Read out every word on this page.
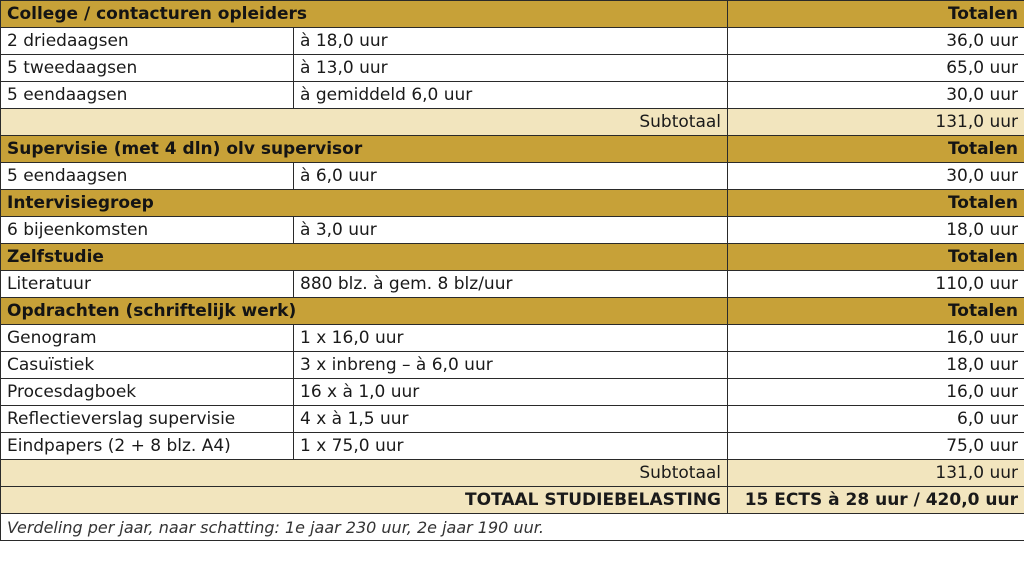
College / contacturen opleiders		Totalen
2 driedaagsen	à 18,0 uur	36,0 uur
5 tweedaagsen	à 13,0 uur	65,0 uur
5 eendaagsen	à gemiddeld 6,0 uur	30,0 uur
Subtotaal		131,0 uur
Supervisie (met 4 dln) olv supervisor		Totalen
5 eendaagsen	à 6,0 uur	30,0 uur
Intervisiegroep		Totalen
6 bijeenkomsten	à 3,0 uur	18,0 uur
Zelfstudie		Totalen
Literatuur	880 blz. à gem. 8 blz/uur	110,0 uur
Opdrachten (schriftelijk werk)		Totalen
Genogram	1 x 16,0 uur	16,0 uur
Casuïstiek	3 x inbreng – à 6,0 uur	18,0 uur
Procesdagboek	16 x à 1,0 uur	16,0 uur
Reflectieverslag supervisie	4 x à 1,5 uur	6,0 uur
Eindpapers (2 + 8 blz. A4)	1 x 75,0 uur	75,0 uur
Subtotaal		131,0 uur
TOTAAL STUDIEBELASTING		15 ECTS à 28 uur / 420,0 uur
Verdeling per jaar, naar schatting: 1e jaar 230 uur, 2e jaar 190 uur.		
